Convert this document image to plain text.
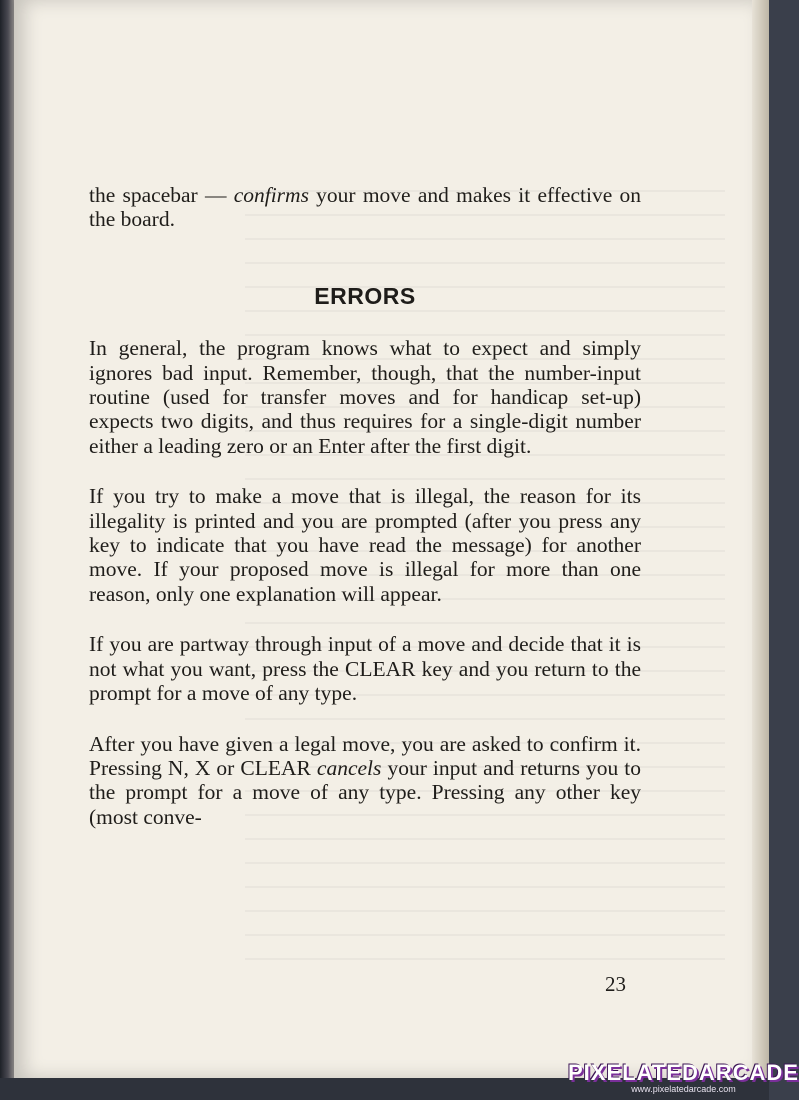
the spacebar — confirms your move and makes it effective on the board.

ERRORS

In general, the program knows what to expect and simply ignores bad input. Remember, though, that the number-input routine (used for transfer moves and for handicap set-up) expects two digits, and thus requires for a single-digit number either a leading zero or an Enter after the first digit.

If you try to make a move that is illegal, the reason for its illegality is printed and you are prompted (after you press any key to indicate that you have read the message) for another move. If your proposed move is illegal for more than one reason, only one explanation will appear.

If you are partway through input of a move and decide that it is not what you want, press the CLEAR key and you return to the prompt for a move of any type.

After you have given a legal move, you are asked to confirm it. Pressing N, X or CLEAR cancels your input and returns you to the prompt for a move of any type. Pressing any other key (most conve-

23
PIXELATEDARCADE
www.pixelatedarcade.com
